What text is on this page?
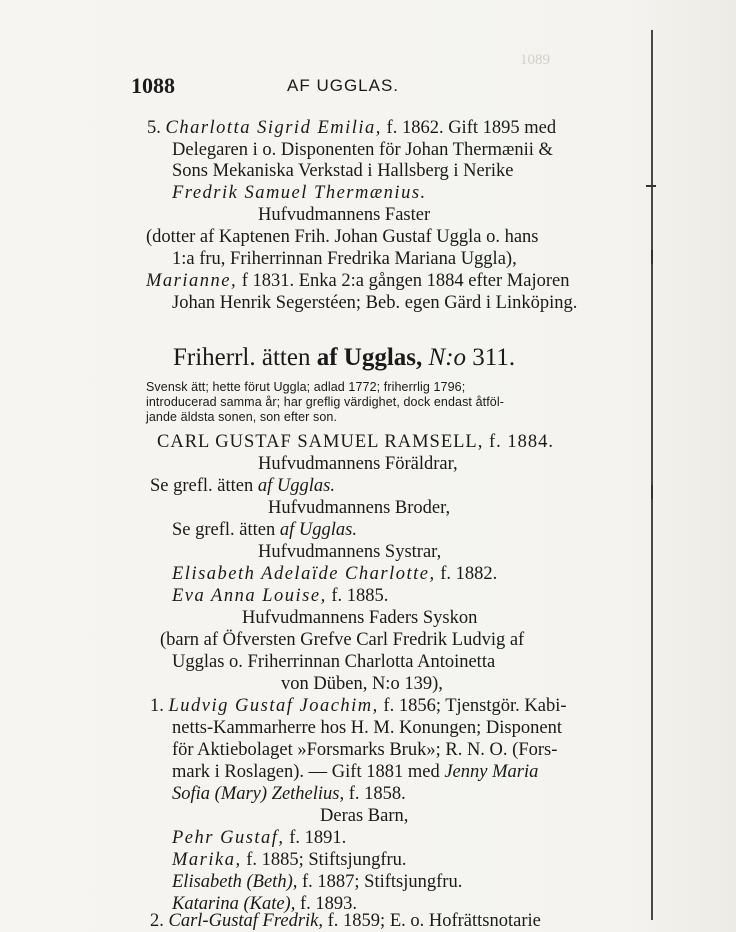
1089
1088	AF UGGLAS.
5. Charlotta Sigrid Emilia, f. 1862. Gift 1895 med
Delegaren i o. Disponenten för Johan Thermænii &
Sons Mekaniska Verkstad i Hallsberg i Nerike
Fredrik Samuel Thermænius.
Hufvudmannens Faster
(dotter af Kaptenen Frih. Johan Gustaf Uggla o. hans
1:a fru, Friherrinnan Fredrika Mariana Uggla),
Marianne, f 1831. Enka 2:a gången 1884 efter Majoren
Johan Henrik Segerstéen; Beb. egen Gärd i Linköping.
Friherrl. ätten af Ugglas, N:o 311.
Svensk ätt; hette förut Uggla; adlad 1772; friherrlig 1796;
introducerad samma år; har greflig värdighet, dock endast åtföl-
jande äldsta sonen, son efter son.
CARL GUSTAF SAMUEL RAMSELL, f. 1884.
Hufvudmannens Föräldrar,
Se grefl. ätten af Ugglas.
Hufvudmannens Broder,
Se grefl. ätten af Ugglas.
Hufvudmannens Systrar,
Elisabeth Adelaïde Charlotte, f. 1882.
Eva Anna Louise, f. 1885.
Hufvudmannens Faders Syskon
(barn af Öfversten Grefve Carl Fredrik Ludvig af
Ugglas o. Friherrinnan Charlotta Antoinetta
von Düben, N:o 139),
1. Ludvig Gustaf Joachim, f. 1856; Tjenstgör. Kabi-
netts-Kammarherre hos H. M. Konungen; Disponent
för Aktiebolaget »Forsmarks Bruk»; R. N. O. (Fors-
mark i Roslagen). — Gift 1881 med Jenny Maria
Sofia (Mary) Zethelius, f. 1858.
Deras Barn,
Pehr Gustaf, f. 1891.
Marika, f. 1885; Stiftsjungfru.
Elisabeth (Beth), f. 1887; Stiftsjungfru.
Katarina (Kate), f. 1893.
2. Carl-Gustaf Fredrik, f. 1859; E. o. Hofrättsnotarie
